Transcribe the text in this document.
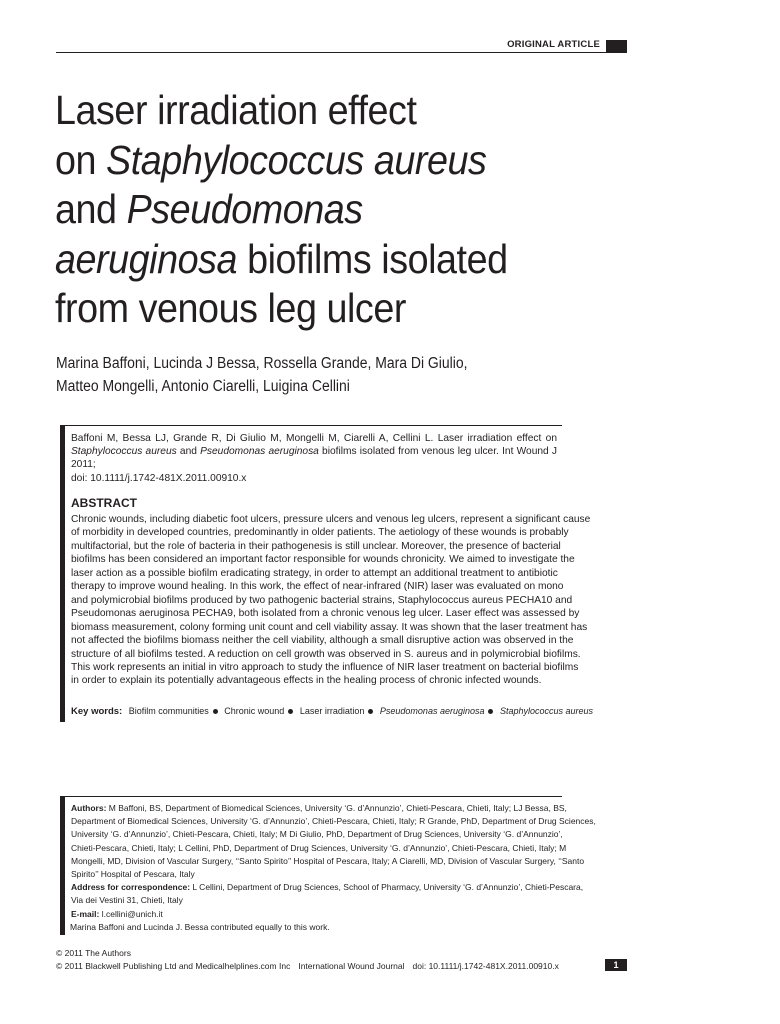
ORIGINAL ARTICLE
Laser irradiation effect
on Staphylococcus aureus
and Pseudomonas
aeruginosa biofilms isolated
from venous leg ulcer
Marina Baffoni, Lucinda J Bessa, Rossella Grande, Mara Di Giulio,
Matteo Mongelli, Antonio Ciarelli, Luigina Cellini
Baffoni M, Bessa LJ, Grande R, Di Giulio M, Mongelli M, Ciarelli A, Cellini L. Laser irradiation effect on
Staphylococcus aureus and Pseudomonas aeruginosa biofilms isolated from venous leg ulcer. Int Wound J 2011;
doi: 10.1111/j.1742-481X.2011.00910.x
ABSTRACT
Chronic wounds, including diabetic foot ulcers, pressure ulcers and venous leg ulcers, represent a significant cause
of morbidity in developed countries, predominantly in older patients. The aetiology of these wounds is probably
multifactorial, but the role of bacteria in their pathogenesis is still unclear. Moreover, the presence of bacterial
biofilms has been considered an important factor responsible for wounds chronicity. We aimed to investigate the
laser action as a possible biofilm eradicating strategy, in order to attempt an additional treatment to antibiotic
therapy to improve wound healing. In this work, the effect of near-infrared (NIR) laser was evaluated on mono
and polymicrobial biofilms produced by two pathogenic bacterial strains, Staphylococcus aureus PECHA10 and
Pseudomonas aeruginosa PECHA9, both isolated from a chronic venous leg ulcer. Laser effect was assessed by
biomass measurement, colony forming unit count and cell viability assay. It was shown that the laser treatment has
not affected the biofilms biomass neither the cell viability, although a small disruptive action was observed in the
structure of all biofilms tested. A reduction on cell growth was observed in S. aureus and in polymicrobial biofilms.
This work represents an initial in vitro approach to study the influence of NIR laser treatment on bacterial biofilms
in order to explain its potentially advantageous effects in the healing process of chronic infected wounds.
Key words: Biofilm communities Chronic wound Laser irradiation Pseudomonas aeruginosa Staphylococcus aureus
Authors: M Baffoni, BS, Department of Biomedical Sciences, University ‘G. d’Annunzio’, Chieti-Pescara, Chieti, Italy; LJ Bessa, BS,
Department of Biomedical Sciences, University ‘G. d’Annunzio’, Chieti-Pescara, Chieti, Italy; R Grande, PhD, Department of Drug Sciences,
University ‘G. d’Annunzio’, Chieti-Pescara, Chieti, Italy; M Di Giulio, PhD, Department of Drug Sciences, University ‘G. d’Annunzio’,
Chieti-Pescara, Chieti, Italy; L Cellini, PhD, Department of Drug Sciences, University ‘G. d’Annunzio’, Chieti-Pescara, Chieti, Italy; M
Mongelli, MD, Division of Vascular Surgery, ‘‘Santo Spirito’’ Hospital of Pescara, Italy; A Ciarelli, MD, Division of Vascular Surgery, ‘‘Santo
Spirito’’ Hospital of Pescara, Italy
Address for correspondence: L Cellini, Department of Drug Sciences, School of Pharmacy, University ‘G. d’Annunzio’, Chieti-Pescara,
Via dei Vestini 31, Chieti, Italy
E-mail: l.cellini@unich.it
Marina Baffoni and Lucinda J. Bessa contributed equally to this work.
© 2011 The Authors
© 2011 Blackwell Publishing Ltd and Medicalhelplines.com Inc International Wound Journal doi: 10.1111/j.1742-481X.2011.00910.x	1
